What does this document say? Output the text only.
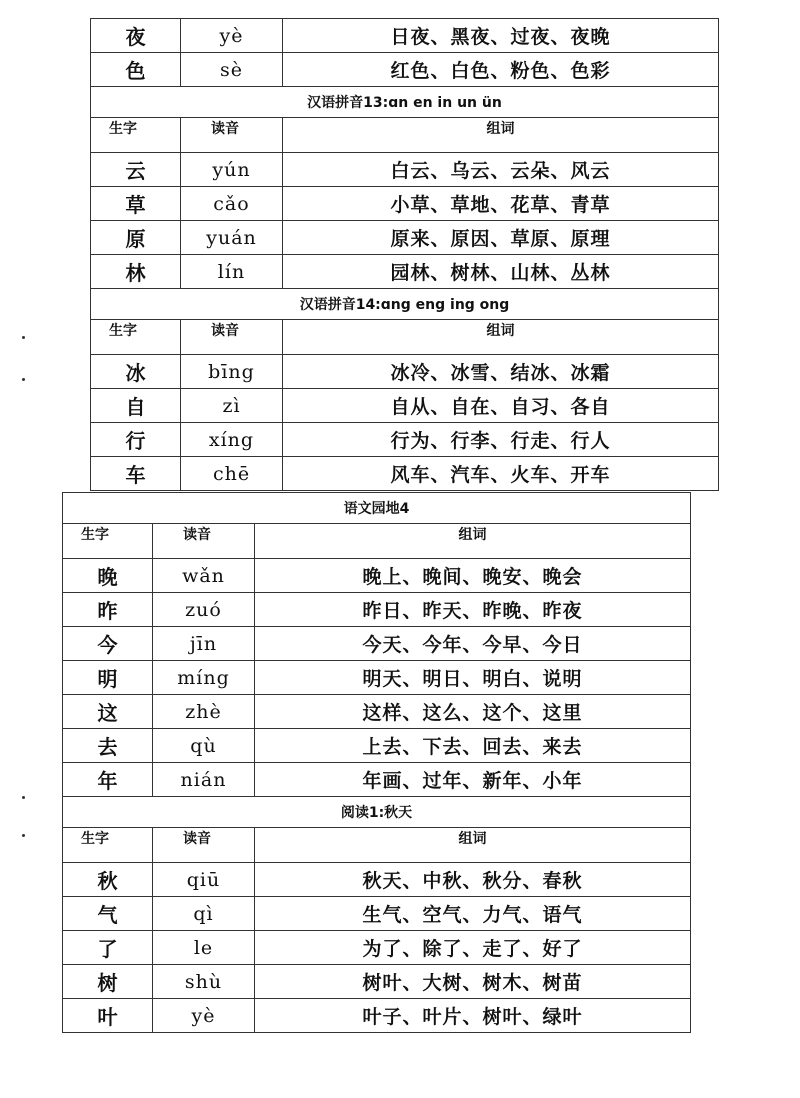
夜	yè	日夜、黑夜、过夜、夜晚
色	sè	红色、白色、粉色、色彩
汉语拼音13:ɑn en in un ün		
生字	读音	组词
云	yún	白云、乌云、云朵、风云
草	cǎo	小草、草地、花草、青草
原	yuán	原来、原因、草原、原理
林	lín	园林、树林、山林、丛林
汉语拼音14:ɑng eng ing ong		
生字	读音	组词
冰	bīng	冰冷、冰雪、结冰、冰霜
自	zì	自从、自在、自习、各自
行	xíng	行为、行李、行走、行人
车	chē	风车、汽车、火车、开车
语文园地4		
生字	读音	组词
晚	wǎn	晚上、晚间、晚安、晚会
昨	zuó	昨日、昨天、昨晚、昨夜
今	jīn	今天、今年、今早、今日
明	míng	明天、明日、明白、说明
这	zhè	这样、这么、这个、这里
去	qù	上去、下去、回去、来去
年	nián	年画、过年、新年、小年
阅读1:秋天		
生字	读音	组词
秋	qiū	秋天、中秋、秋分、春秋
气	qì	生气、空气、力气、语气
了	le	为了、除了、走了、好了
树	shù	树叶、大树、树木、树苗
叶	yè	叶子、叶片、树叶、绿叶
